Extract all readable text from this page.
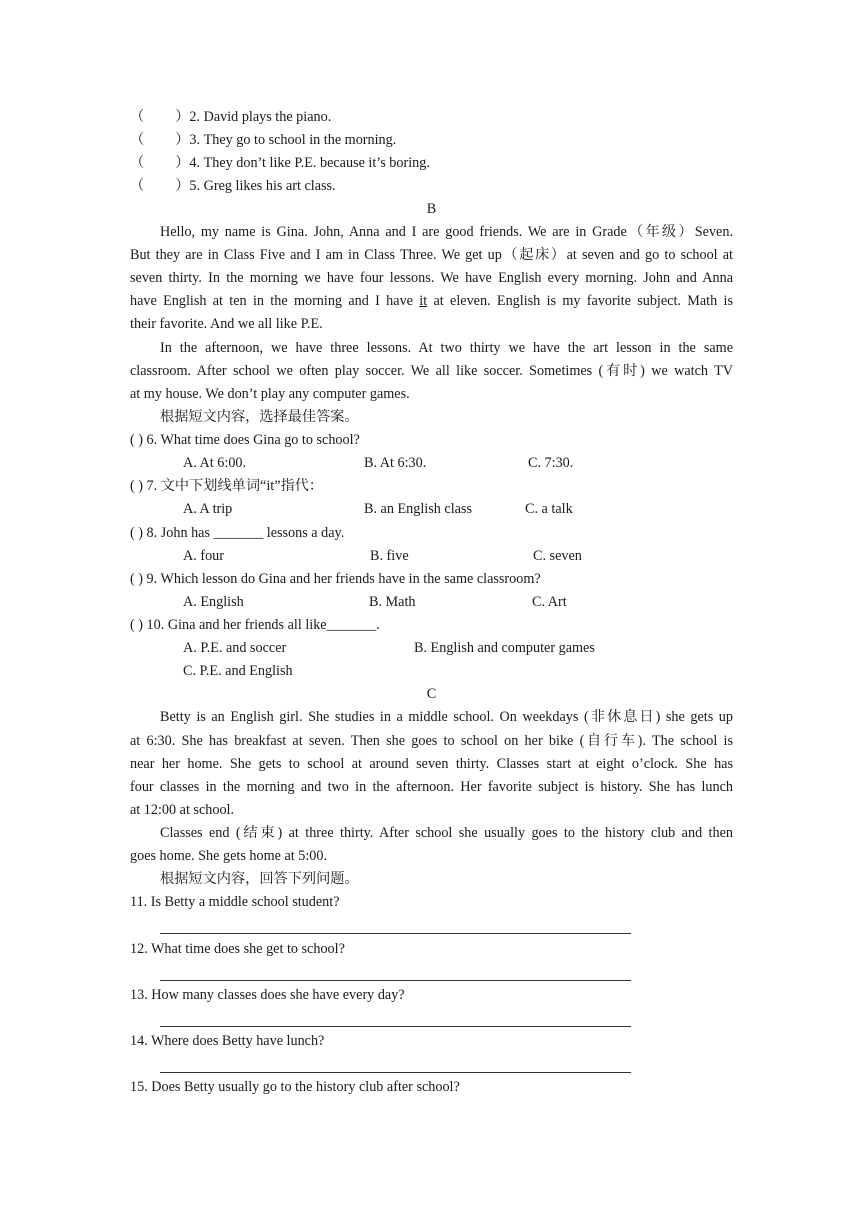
（ ）2. David plays the piano.
（ ）3. They go to school in the morning.
（ ）4. They don’t like P.E. because it’s boring.
（ ）5. Greg likes his art class.
B
Hello, my name is Gina. John, Anna and I are good friends. We are in Grade（年级）Seven.
But they are in Class Five and I am in Class Three. We get up（起床）at seven and go to school at
seven thirty. In the morning we have four lessons. We have English every morning. John and Anna
have English at ten in the morning and I have it at eleven. English is my favorite subject. Math is
their favorite. And we all like P.E.
In the afternoon, we have three lessons. At two thirty we have the art lesson in the same
classroom. After school we often play soccer. We all like soccer. Sometimes (有时) we watch TV
at my house. We don’t play any computer games.
根据短文内容，选择最佳答案。
( ) 6. What time does Gina go to school?
A. At 6:00.	B. At 6:30.	C. 7:30.
( ) 7. 文中下划线单词“it”指代：
A. A trip	B. an English class	C. a talk
( ) 8. John has _______ lessons a day.
A. four	B. five	C. seven
( ) 9. Which lesson do Gina and her friends have in the same classroom?
A. English	B. Math	C. Art
( ) 10. Gina and her friends all like_______.
A. P.E. and soccer	B. English and computer games
C. P.E. and English
C
Betty is an English girl. She studies in a middle school. On weekdays (非休息日) she gets up
at 6:30. She has breakfast at seven. Then she goes to school on her bike (自行车). The school is
near her home. She gets to school at around seven thirty. Classes start at eight o’clock. She has
four classes in the morning and two in the afternoon. Her favorite subject is history. She has lunch
at 12:00 at school.
Classes end (结束) at three thirty. After school she usually goes to the history club and then
goes home. She gets home at 5:00.
根据短文内容，回答下列问题。
11. Is Betty a middle school student?
12. What time does she get to school?
13. How many classes does she have every day?
14. Where does Betty have lunch?
15. Does Betty usually go to the history club after school?
